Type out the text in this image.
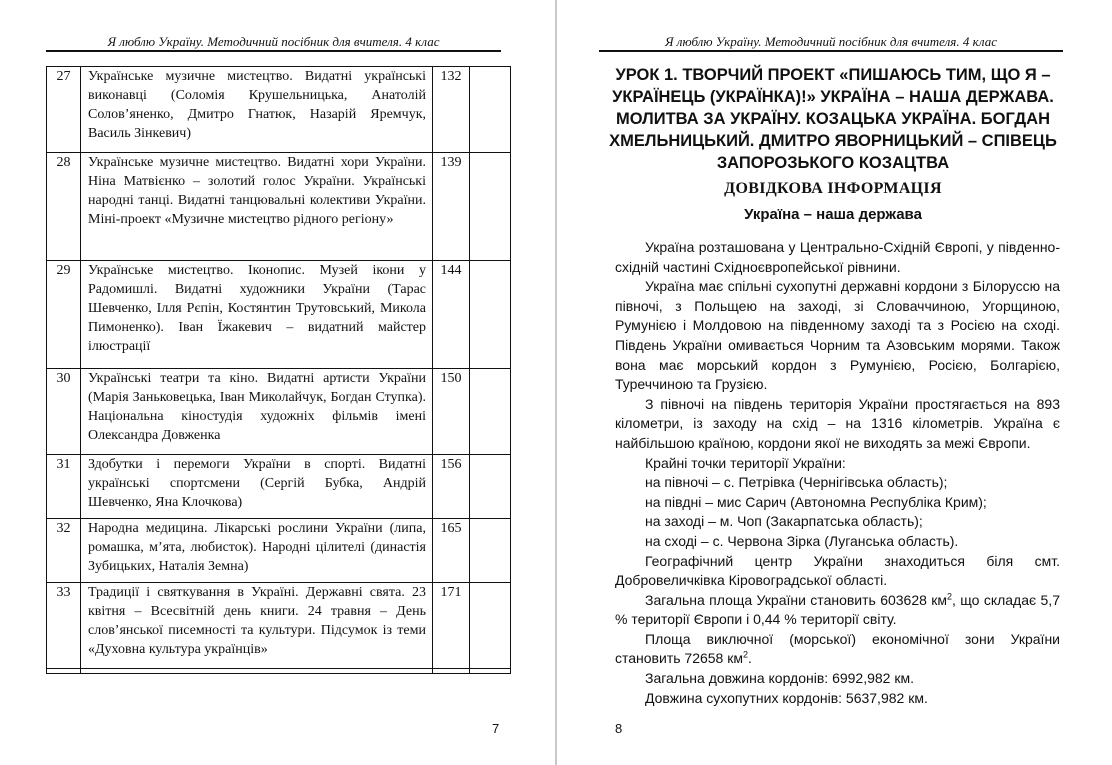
Я люблю Україну. Методичний посібник для вчителя. 4 клас
27	Українське музичне мистецтво. Видатні українські виконавці (Соломія Крушельницька, Анатолій Солов’яненко, Дмитро Гнатюк, Назарій Яремчук, Василь Зінкевич)	132	
28	Українське музичне мистецтво. Видатні хори України. Ніна Матвієнко – золотий голос України. Українські народні танці. Видатні танцювальні колективи України. Міні-проект «Музичне мистецтво рідного регіону»	139	
29	Українське мистецтво. Іконопис. Музей ікони у Радомишлі. Видатні художники України (Тарас Шевченко, Ілля Рєпін, Костянтин Трутовський, Микола Пимоненко). Іван Їжакевич – видатний майстер ілюстрації	144	
30	Українські театри та кіно. Видатні артисти України (Марія Заньковецька, Іван Миколайчук, Богдан Ступка). Національна кіностудія художніх фільмів імені Олександра Довженка	150	
31	Здобутки і перемоги України в спорті. Видатні українські спортсмени (Сергій Бубка, Андрій Шевченко, Яна Клочкова)	156	
32	Народна медицина. Лікарські рослини України (липа, ромашка, м’ята, любисток). Народні цілителі (династія Зубицьких, Наталія Земна)	165	
33	Традиції і святкування в Україні. Державні свята. 23 квітня – Всесвітній день книги. 24 травня – День слов’янської писемності та культури. Підсумок із теми «Духовна культура українців»	171	

7
Я люблю Україну. Методичний посібник для вчителя. 4 клас
УРОК 1. ТВОРЧИЙ ПРОЕКТ «ПИШАЮСЬ ТИМ, ЩО Я – УКРАЇНЕЦЬ (УКРАЇНКА)!» УКРАЇНА – НАША ДЕРЖАВА. МОЛИТВА ЗА УКРАЇНУ. КОЗАЦЬКА УКРАЇНА. БОГДАН ХМЕЛЬНИЦЬКИЙ. ДМИТРО ЯВОРНИЦЬКИЙ – СПІВЕЦЬ ЗАПОРОЗЬКОГО КОЗАЦТВА
ДОВІДКОВА ІНФОРМАЦІЯ
Україна – наша держава

Україна розташована у Центрально-Східній Європі, у південно-східній частині Східноєвропейської рівнини.

Україна має спільні сухопутні державні кордони з Білоруссю на півночі, з Польщею на заході, зі Словаччиною, Угорщиною, Румунією і Молдовою на південному заході та з Росією на сході. Південь України омивається Чорним та Азовським морями. Також вона має морський кордон з Румунією, Росією, Болгарією, Туреччиною та Грузією.

З півночі на південь територія України простягається на 893 кілометри, із заходу на схід – на 1316 кілометрів. Україна є найбільшою країною, кордони якої не виходять за межі Європи.

Крайні точки території України:

на півночі – с. Петрівка (Чернігівська область);

на півдні – мис Сарич (Автономна Республіка Крим);

на заході – м. Чоп (Закарпатська область);

на сході – с. Червона Зірка (Луганська область).

Географічний центр України знаходиться біля смт. Добровеличківка Кіровоградської області.

Загальна площа України становить 603628 $км^2$, що складає 5,7 % території Європи і 0,44 % території світу.

Площа виключної (морської) економічної зони України становить 72658 $км^2$.

Загальна довжина кордонів: 6992,982 км.

Довжина сухопутних кордонів: 5637,982 км.

8
